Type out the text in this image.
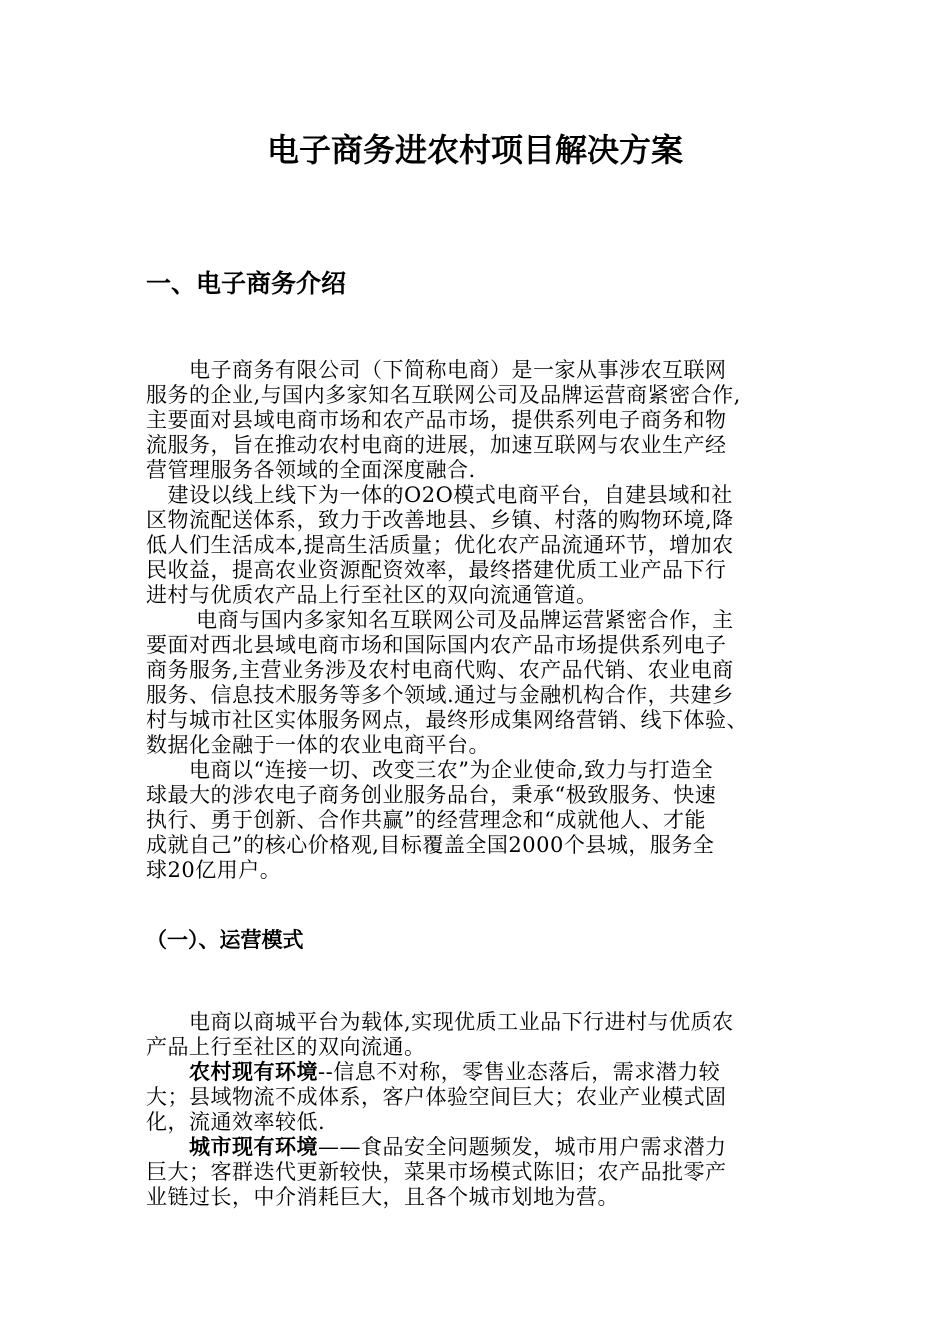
电子商务进农村项目解决方案
一、电子商务介绍
　　电子商务有限公司（下简称电商）是一家从事涉农互联网
服务的企业,与国内多家知名互联网公司及品牌运营商紧密合作,
主要面对县域电商市场和农产品市场，提供系列电子商务和物
流服务，旨在推动农村电商的进展，加速互联网与农业生产经
营管理服务各领域的全面深度融合.
　建设以线上线下为一体的O2O模式电商平台，自建县域和社
区物流配送体系，致力于改善地县、乡镇、村落的购物环境,降
低人们生活成本,提高生活质量；优化农产品流通环节，增加农
民收益，提高农业资源配资效率，最终搭建优质工业产品下行
进村与优质农产品上行至社区的双向流通管道。
　　 电商与国内多家知名互联网公司及品牌运营紧密合作，主
要面对西北县域电商市场和国际国内农产品市场提供系列电子
商务服务,主营业务涉及农村电商代购、农产品代销、农业电商
服务、信息技术服务等多个领域.通过与金融机构合作，共建乡
村与城市社区实体服务网点，最终形成集网络营销、线下体验、
数据化金融于一体的农业电商平台。
　　电商以“连接一切、改变三农”为企业使命,致力与打造全
球最大的涉农电子商务创业服务品台，秉承“极致服务、快速
执行、勇于创新、合作共赢”的经营理念和“成就他人、才能
成就自己”的核心价格观,目标覆盖全国2000个县城，服务全
球20亿用户。
（一）、运营模式
　　电商以商城平台为载体,实现优质工业品下行进村与优质农
产品上行至社区的双向流通。
　　农村现有环境--信息不对称，零售业态落后，需求潜力较
大；县域物流不成体系，客户体验空间巨大；农业产业模式固
化，流通效率较低.
　　城市现有环境——食品安全问题频发，城市用户需求潜力
巨大；客群迭代更新较快，菜果市场模式陈旧；农产品批零产
业链过长，中介消耗巨大，且各个城市划地为营。
